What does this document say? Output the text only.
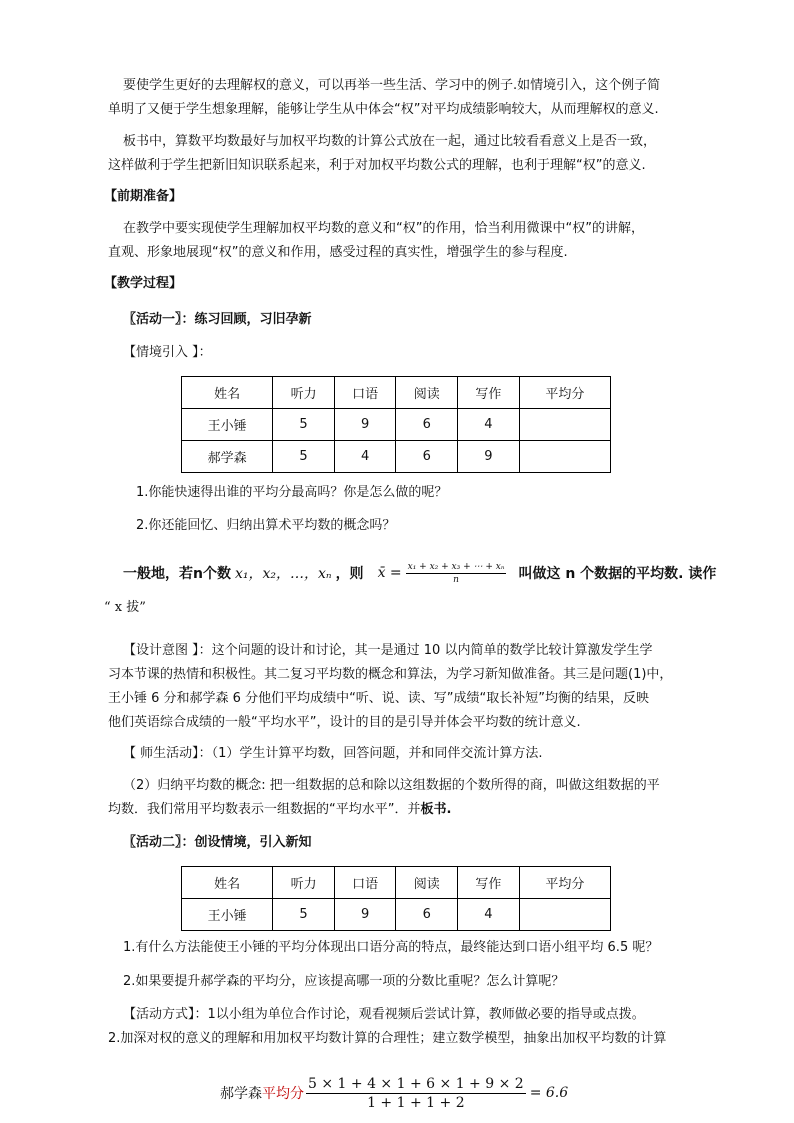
要使学生更好的去理解权的意义，可以再举一些生活、学习中的例子.如情境引入，这个例子简
单明了又便于学生想象理解，能够让学生从中体会“权”对平均成绩影响较大，从而理解权的意义.
板书中，算数平均数最好与加权平均数的计算公式放在一起，通过比较看看意义上是否一致，
这样做利于学生把新旧知识联系起来，利于对加权平均数公式的理解，也利于理解“权”的意义.
【前期准备】
在教学中要实现使学生理解加权平均数的意义和“权”的作用，恰当利用微课中“权”的讲解，
直观、形象地展现“权”的意义和作用，感受过程的真实性，增强学生的参与程度.
【教学过程】
〖活动一〗：练习回顾，习旧孕新
【情境引入 】：
姓名	听力	口语	阅读	写作	平均分
王小锤	5	9	6	4	
郝学森	5	4	6	9	
1.你能快速得出谁的平均分最高吗？你是怎么做的呢？
2.你还能回忆、归纳出算术平均数的概念吗？
一般地，若n个数 x₁，x₂，…，xₙ ，则 x̄ = $\frac{\text{x₁ + x₂ + x₃ + ⋯ + xₙ}}{n}$ 叫做这 n 个数据的平均数. 读作
“ x 拔”
【设计意图 】：这个问题的设计和讨论，其一是通过 10 以内简单的数学比较计算激发学生学
习本节课的热情和积极性。其二复习平均数的概念和算法，为学习新知做准备。其三是问题(1)中，
王小锤 6 分和郝学森 6 分他们平均成绩中“听、说、读、写”成绩“取长补短”均衡的结果，反映
他们英语综合成绩的一般“平均水平”，设计的目的是引导并体会平均数的统计意义.
【 师生活动】：（1）学生计算平均数，回答问题，并和同伴交流计算方法.
（2）归纳平均数的概念: 把一组数据的总和除以这组数据的个数所得的商，叫做这组数据的平
均数．我们常用平均数表示一组数据的“平均水平”．并板书.
〖活动二〗：创设情境，引入新知
姓名	听力	口语	阅读	写作	平均分
王小锤	5	9	6	4	
1.有什么方法能使王小锤的平均分体现出口语分高的特点，最终能达到口语小组平均 6.5 呢？
2.如果要提升郝学森的平均分，应该提高哪一项的分数比重呢？怎么计算呢？
【活动方式】：1以小组为单位合作讨论，观看视频后尝试计算，教师做必要的指导或点拨。
2.加深对权的意义的理解和用加权平均数计算的合理性；建立数学模型，抽象出加权平均数的计算
郝学森 平均分 $\frac{5 \times 1 + 4 \times 1 + 6 \times 1 + 9 \times 2}{1 + 1 + 1 + 2} = 6.6$
